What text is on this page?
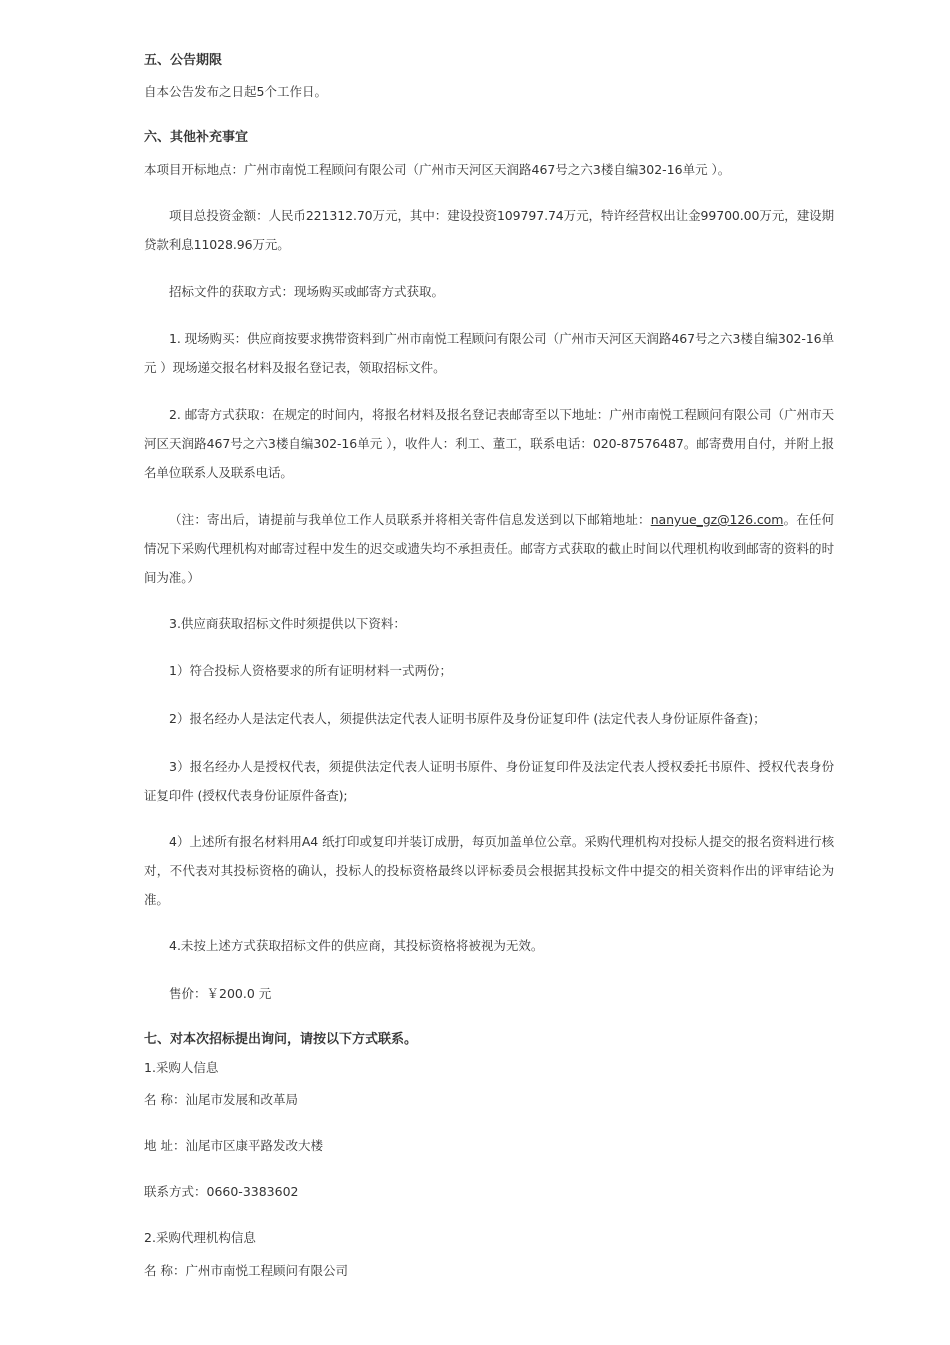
五、公告期限

自本公告发布之日起5个工作日。

六、其他补充事宜

本项目开标地点：广州市南悦工程顾问有限公司（广州市天河区天润路467号之六3楼自编302-16单元 ）。

项目总投资金额：人民币221312.70万元，其中：建设投资109797.74万元，特许经营权出让金99700.00万元，建设期贷款利息11028.96万元。

招标文件的获取方式：现场购买或邮寄方式获取。

1. 现场购买：供应商按要求携带资料到广州市南悦工程顾问有限公司（广州市天河区天润路467号之六3楼自编302-16单元 ）现场递交报名材料及报名登记表，领取招标文件。

2. 邮寄方式获取：在规定的时间内，将报名材料及报名登记表邮寄至以下地址：广州市南悦工程顾问有限公司（广州市天河区天润路467号之六3楼自编302-16单元 ），收件人：利工、董工，联系电话：020-87576487。邮寄费用自付，并附上报名单位联系人及联系电话。

（注：寄出后，请提前与我单位工作人员联系并将相关寄件信息发送到以下邮箱地址：nanyue_gz@126.com。在任何情况下采购代理机构对邮寄过程中发生的迟交或遗失均不承担责任。邮寄方式获取的截止时间以代理机构收到邮寄的资料的时间为准。）

3.供应商获取招标文件时须提供以下资料：

1）符合投标人资格要求的所有证明材料一式两份；

2）报名经办人是法定代表人，须提供法定代表人证明书原件及身份证复印件 (法定代表人身份证原件备查)；

3）报名经办人是授权代表，须提供法定代表人证明书原件、身份证复印件及法定代表人授权委托书原件、授权代表身份证复印件 (授权代表身份证原件备查);

4）上述所有报名材料用A4 纸打印或复印并装订成册，每页加盖单位公章。采购代理机构对投标人提交的报名资料进行核对，不代表对其投标资格的确认，投标人的投标资格最终以评标委员会根据其投标文件中提交的相关资料作出的评审结论为准。

4.未按上述方式获取招标文件的供应商，其投标资格将被视为无效。

售价：￥200.0 元

七、对本次招标提出询问，请按以下方式联系。

1.采购人信息

名 称：汕尾市发展和改革局

地 址：汕尾市区康平路发改大楼

联系方式：0660-3383602

2.采购代理机构信息

名 称：广州市南悦工程顾问有限公司
